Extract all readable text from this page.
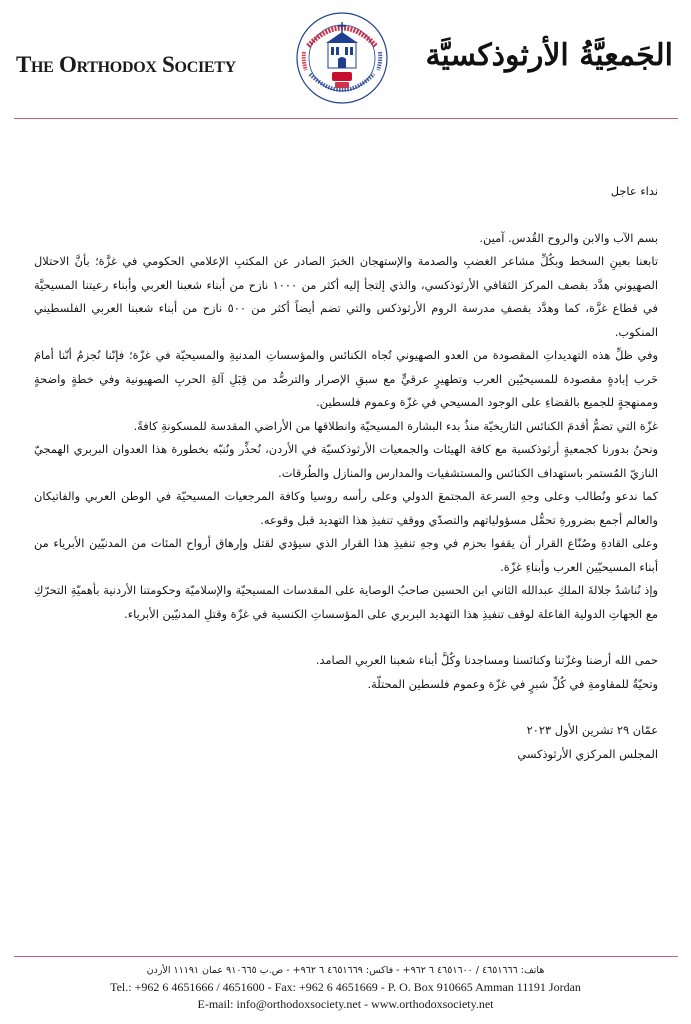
The Orthodox Society	الجَمعِيَّةُ الأرثوذكسيَّة

نداء عاجل

بسم الآب والابن والروح القُدس. آمين.

تابعنا بعينِ السخط وبكُلِّ مشاعر الغضبِ والصدمة والإستهجان الخبرَ الصادر عن المكتبِ الإعلامي الحكومي في غزَّة؛ بأنَّ الاحتلال الصهيوني هدَّد بقصف المركز الثقافي الأرثوذكسي، والذي إلتجأ إليه أكثر من ١٠٠٠ نازح من أبناء شعبنا العربي وأبناء رعيتنا المسيحيَّة في قطاع غزَّة، كما وهدَّد بقصفِ مدرسة الروم الأرثوذكس والتي تضم أيضاً أكثر من ٥٠٠ نازح من أبناء شعبنا العربي الفلسطيني المنكوب.

وفي ظلِّ هذه التهديداتِ المقصودة من العدو الصهيوني تُجاه الكنائس والمؤسساتِ المدنيةِ والمسيحيّة في غزّة؛ فإنّنا نُجزمُ أنّنا أمامَ حَرب إبادةٍ مقصودة للمسيحيّين العرب وتطهيرٍ عرقيٍّ مع سبقِ الإصرار والترصُّد من قِبَلِ آلةِ الحربِ الصهيونية وفي خطةٍ واضحةٍ وممنهجةٍ للجميع بالقضاءِ على الوجود المسيحي في غزّة وعموم فلسطين.

غزّة التي تضمُّ أقدمَ الكنائس التاريخيّة منذُ بدء البشارة المسيحيّة وانطلاقها من الأراضي المقدسة للمسكونةِ كافةً.

ونحنُ بدورنا كجمعيةٍ أرثوذكسية مع كافة الهيئات والجمعيات الأرثوذكسيّة في الأردن، نُحذِّر ونُنبّه بخطورة هذا العدوان البربري الهمجيّ النازيّ المُستمر باستهداف الكنائس والمستشفيات والمدارس والمنازل والطُرقات.

كما ندعو ونُطالب وعلى وجهِ السرعة المجتمعَ الدولي وعلى رأسه روسيا وكافة المرجعيات المسيحيّة في الوطن العربي والفاتيكان والعالم أجمع بضرورةِ تحمُّل مسؤولياتهم والتصدّي ووقفِ تنفيذِ هذا التهديد قبل وقوعه.

وعلى القادةِ وصُنّاع القرار أن يقفوا بحزم في وجهِ تنفيذِ هذا القرار الذي سيؤدي لقتل وإرهاق أرواح المئات من المدنيّين الأبرياء من أبناء المسيحيّين العرب وأبناءِ غزّة.

وإذ نُناشدُ جلالةَ الملكِ عبدالله الثاني ابن الحسين صاحبُ الوصاية على المقدسات المسيحيّة والإسلاميّة وحكومتنا الأردنية بأهميّةِ التحرّكِ مع الجهاتِ الدولية الفاعلة لوقف تنفيذِ هذا التهديد البربري على المؤسساتِ الكنسية في غزّة وقتلِ المدنيّين الأبرياء.

حمى الله أرضنا وغزّتنا وكنائسنا ومساجدنا وكُلَّ أبناء شعبنا العربي الصامد.

وتحيّةٌ للمقاومةِ في كُلِّ شبرٍ في غزّة وعموم فلسطين المحتلّة.

عمّان ٢٩ تشرين الأول ٢٠٢٣

المجلس المركزي الأرثوذكسي

هاتف: ٤٦٥١٦٦٦ / ٤٦٥١٦٠٠ ٦ ٩٦٢+ - فاكس: ٤٦٥١٦٦٩ ٦ ٩٦٢+ - ص.ب ٩١٠٦٦٥ عمان ١١١٩١ الأردن
Tel.: +962 6 4651666 / 4651600 - Fax: +962 6 4651669 - P. O. Box 910665 Amman 11191 Jordan
E-mail: info@orthodoxsociety.net - www.orthodoxsociety.net
